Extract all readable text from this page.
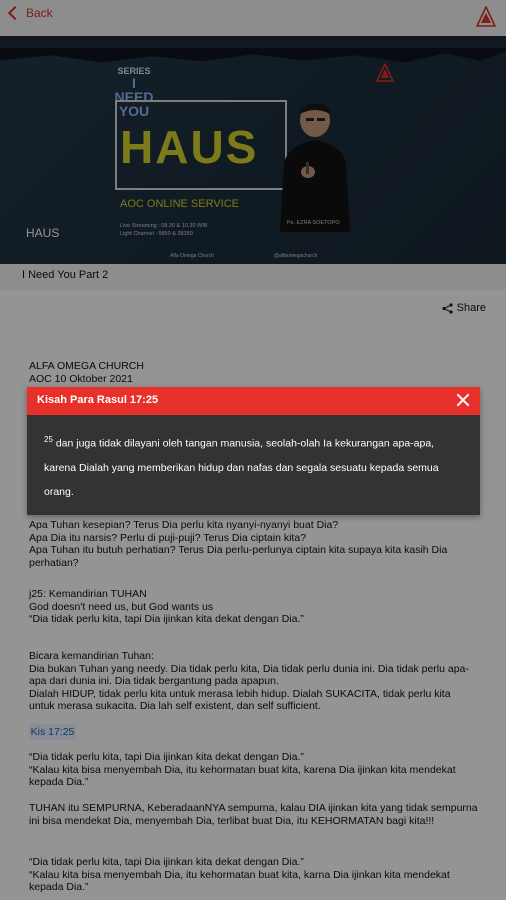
Back
SERIES
I NEED
YOU
HAUS
AOC ONLINE SERVICE
Live Streaming : 08.30 & 10.30 WIB
Light Channel : 9850 & 38280
Ps. EZRA SOETOPO
HAUS
Alfa Omega Church	@alfaomegachurch
I Need You Part 2
Share
ALFA OMEGA CHURCH
AOC 10 Oktober 2021
Apa Tuhan kesepian? Terus Dia perlu kita nyanyi-nyanyi buat Dia?
Apa Dia itu narsis? Perlu di puji-puji? Terus Dia ciptain kita?
Apa Tuhan itu butuh perhatian? Terus Dia perlu-perlunya ciptain kita supaya kita kasih Dia perhatian?
j25: Kemandirian TUHAN
God doesn't need us, but God wants us
“Dia tidak perlu kita, tapi Dia ijinkan kita dekat dengan Dia.”
Bicara kemandirian Tuhan:
Dia bukan Tuhan yang needy. Dia tidak perlu kita, Dia tidak perlu dunia ini. Dia tidak perlu apa-apa dari dunia ini. Dia tidak bergantung pada apapun.
Dialah HIDUP, tidak perlu kita untuk merasa lebih hidup. Dialah SUKACITA, tidak perlu kita untuk merasa sukacita. Dia lah self existent, dan self sufficient.
Kis 17:25
“Dia tidak perlu kita, tapi Dia ijinkan kita dekat dengan Dia.”
“Kalau kita bisa menyembah Dia, itu kehormatan buat kita, karena Dia ijinkan kita mendekat kepada Dia.”
TUHAN itu SEMPURNA, KeberadaanNYA sempurna, kalau DIA ijinkan kita yang tidak sempurna ini bisa mendekat Dia, menyembah Dia, terlibat buat Dia, itu KEHORMATAN bagi kita!!!
“Dia tidak perlu kita, tapi Dia ijinkan kita dekat dengan Dia.”
“Kalau kita bisa menyembah Dia, itu kehormatan buat kita, karna Dia ijinkan kita mendekat kepada Dia.”
Kisah Para Rasul 17:25

$^{25}$ dan juga tidak dilayani oleh tangan manusia, seolah-olah Ia kekurangan apa-apa, karena Dialah yang memberikan hidup dan nafas dan segala sesuatu kepada semua orang.
